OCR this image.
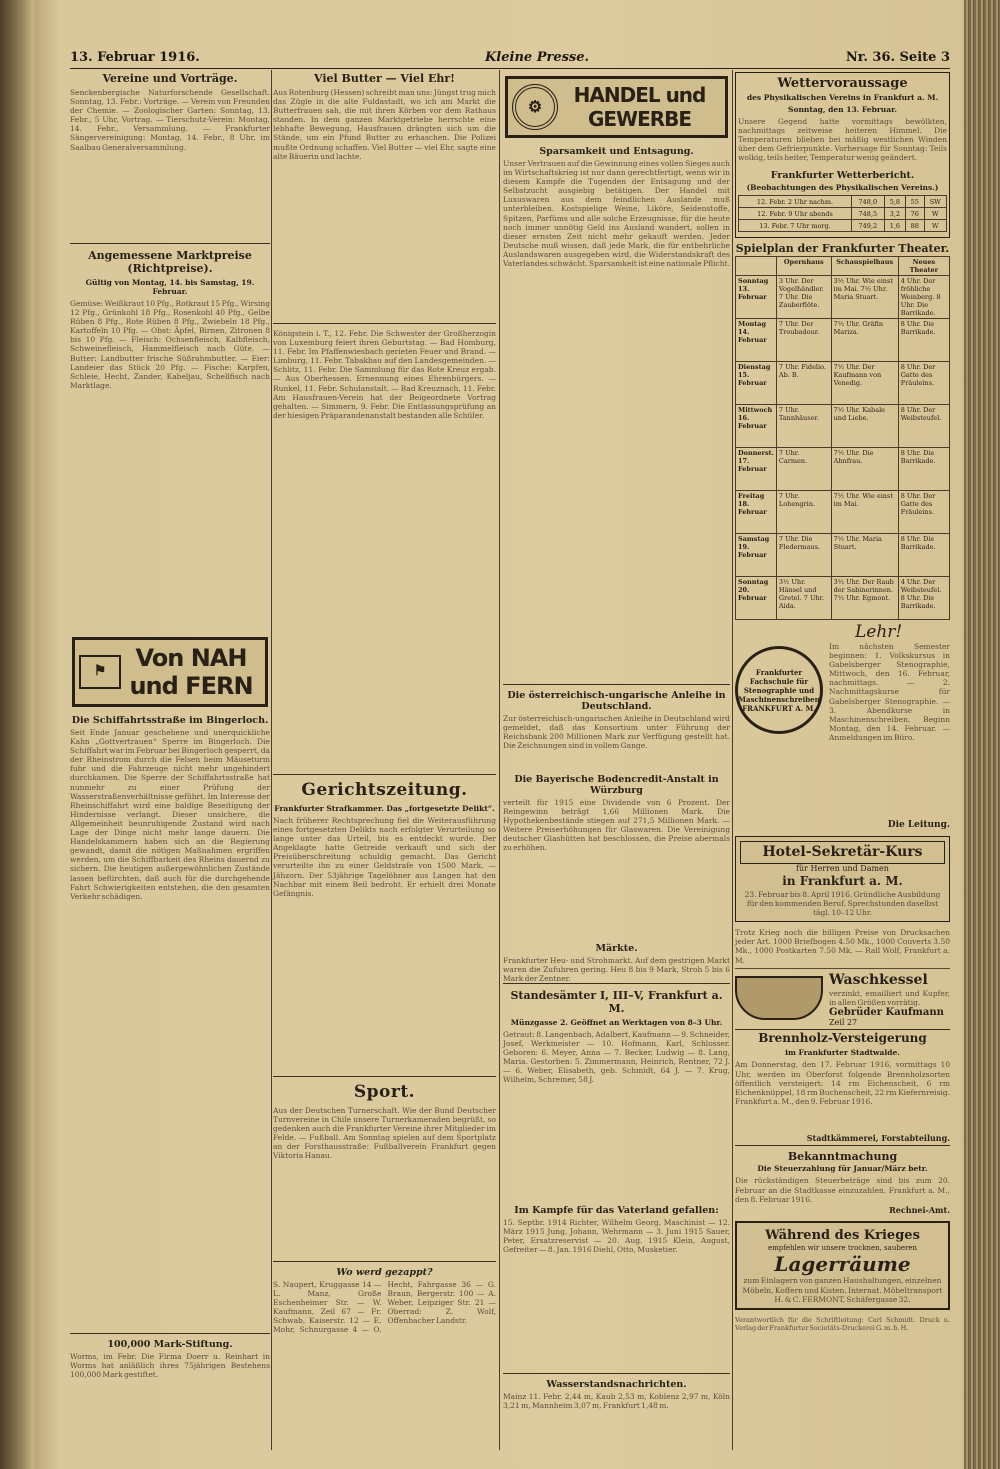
13. Februar 1916.	Kleine Presse.	Nr. 36. Seite 3
Vereine und Vorträge.

Senckenbergische Naturforschende Gesellschaft. Sonntag, 13. Febr.: Vorträge. — Verein von Freunden der Chemie. — Zoologischer Garten: Sonntag, 13. Febr., 5 Uhr, Vortrag. — Tierschutz-Verein: Montag, 14. Febr., Versammlung. — Frankfurter Sängervereinigung: Montag, 14. Febr., 8 Uhr, im Saalbau Generalversammlung.

Angemessene Marktpreise (Richtpreise).
Gültig von Montag, 14. bis Samstag, 19. Februar.

Gemüse: Weißkraut 10 Pfg., Rotkraut 15 Pfg., Wirsing 12 Pfg., Grünkohl 18 Pfg., Rosenkohl 40 Pfg., Gelbe Rüben 8 Pfg., Rote Rüben 8 Pfg., Zwiebeln 18 Pfg., Kartoffeln 10 Pfg. — Obst: Äpfel, Birnen, Zitronen 8 bis 10 Pfg. — Fleisch: Ochsenfleisch, Kalbfleisch, Schweinefleisch, Hammelfleisch nach Güte. — Butter: Landbutter frische Süßrahmbutter. — Eier: Landeier das Stück 20 Pfg. — Fische: Karpfen, Schleie, Hecht, Zander, Kabeljau, Schellfisch nach Marktlage.

⚑	Von NAH und FERN
Die Schiffahrtsstraße im Bingerloch.

Seit Ende Januar geschehene und unerquickliche Kahn „Gottvertrauen“ Sperre im Bingerloch. Die Schiffahrt war im Februar bei Bingerloch gesperrt, da der Rheinstrom durch die Felsen beim Mäuseturm fuhr und die Fahrzeuge nicht mehr ungehindert durchkamen. Die Sperre der Schiffahrtsstraße hat nunmehr zu einer Prüfung der Wasserstraßenverhältnisse geführt. Im Interesse der Rheinschiffahrt wird eine baldige Beseitigung der Hindernisse verlangt. Dieser unsichere, die Allgemeinheit beunruhigende Zustand wird nach Lage der Dinge nicht mehr lange dauern. Die Handelskammern haben sich an die Regierung gewandt, damit die nötigen Maßnahmen ergriffen werden, um die Schiffbarkeit des Rheins dauernd zu sichern. Die heutigen außergewöhnlichen Zustände lassen befürchten, daß auch für die durchgehende Fahrt Schwierigkeiten entstehen, die den gesamten Verkehr schädigen.

100,000 Mark-Stiftung.

Worms, im Febr. Die Firma Doerr u. Reinhart in Worms hat anläßlich ihres 75jährigen Bestehens 100,000 Mark gestiftet.

Viel Butter — Viel Ehr!

Aus Rotenburg (Hessen) schreibt man uns: Jüngst trug mich das Zügle in die alte Fuldastadt, wo ich am Markt die Butterfrauen sah, die mit ihren Körben vor dem Rathaus standen. In dem ganzen Marktgetriebe herrschte eine lebhafte Bewegung, Hausfrauen drängten sich um die Stände, um ein Pfund Butter zu erhaschen. Die Polizei mußte Ordnung schaffen. Viel Butter — viel Ehr, sagte eine alte Bäuerin und lachte.

Königstein i. T., 12. Febr. Die Schwester der Großherzogin von Luxemburg feiert ihren Geburtstag. — Bad Homburg, 11. Febr. Im Pfaffenwiesbach gerieten Feuer und Brand. — Limburg, 11. Febr. Tabakbau auf den Landesgemeinden. — Schlitz, 11. Febr. Die Sammlung für das Rote Kreuz ergab. — Aus Oberhessen. Ernennung eines Ehrenbürgers. — Runkel, 11. Febr. Schulanstalt. — Bad Kreuznach, 11. Febr. Am Hausfrauen-Verein hat der Beigeordnete Vortrag gehalten. — Simmern, 9. Febr. Die Entlassungsprüfung an der hiesigen Präparandenanstalt bestanden alle Schüler.

Gerichtszeitung.
Frankfurter Strafkammer. Das „fortgesetzte Delikt“.

Nach früherer Rechtsprechung fiel die Weiterausführung eines fortgesetzten Delikts nach erfolgter Verurteilung so lange unter das Urteil, bis es entdeckt wurde. Der Angeklagte hatte Getreide verkauft und sich der Preisüberschreitung schuldig gemacht. Das Gericht verurteilte ihn zu einer Geldstrafe von 1500 Mark. — Jähzorn. Der 53jährige Tagelöhner aus Langen hat den Nachbar mit einem Beil bedroht. Er erhielt drei Monate Gefängnis.

Sport.

Aus der Deutschen Turnerschaft. Wie der Bund Deutscher Turnvereine in Chile unsere Turnerkameraden begrüßt, so gedenken auch die Frankfurter Vereine ihrer Mitglieder im Felde. — Fußball. Am Sonntag spielen auf dem Sportplatz an der Forsthausstraße: Fußballverein Frankfurt gegen Viktoria Hanau.

Wo werd gezappt?

S. Naupert, Kruggasse 14 — L. Manz, Große Eschenheimer Str. — W. Kaufmann, Zeil 67 — Fr. Schwab, Kaiserstr. 12 — E. Mohr, Schnurgasse 4 — O. Hecht, Fahrgasse 36 — G. Braun, Bergerstr. 100 — A. Weber, Leipziger Str. 21 — Oberrad: Z. Wolf, Offenbacher Landstr.

⚙	HANDEL und GEWERBE
Sparsamkeit und Entsagung.

Unser Vertrauen auf die Gewinnung eines vollen Sieges auch im Wirtschaftskrieg ist nur dann gerechtfertigt, wenn wir in diesem Kampfe die Tugenden der Entsagung und der Selbstzucht ausgiebig betätigen. Der Handel mit Luxuswaren aus dem feindlichen Auslande muß unterbleiben. Kostspielige Weine, Liköre, Seidenstoffe, Spitzen, Parfüms und alle solche Erzeugnisse, für die heute noch immer unnötig Geld ins Ausland wandert, sollen in dieser ernsten Zeit nicht mehr gekauft werden. Jeder Deutsche muß wissen, daß jede Mark, die für entbehrliche Auslandswaren ausgegeben wird, die Widerstandskraft des Vaterlandes schwächt. Sparsamkeit ist eine nationale Pflicht.

Die österreichisch-ungarische Anleihe in Deutschland.

Zur österreichisch-ungarischen Anleihe in Deutschland wird gemeldet, daß das Konsortium unter Führung der Reichsbank 200 Millionen Mark zur Verfügung gestellt hat. Die Zeichnungen sind in vollem Gange.

Die Bayerische Bodencredit-Anstalt in Würzburg

verteilt für 1915 eine Dividende von 6 Prozent. Der Reingewinn beträgt 1,66 Millionen Mark. Die Hypothekenbestände stiegen auf 271,5 Millionen Mark. — Weitere Preiserhöhungen für Glaswaren. Die Vereinigung deutscher Glashütten hat beschlossen, die Preise abermals zu erhöhen.

Märkte.

Frankfurter Heu- und Strohmarkt. Auf dem gestrigen Markt waren die Zufuhren gering. Heu 8 bis 9 Mark, Stroh 5 bis 6 Mark der Zentner.

Standesämter I, III–V, Frankfurt a. M.
Münzgasse 2. Geöffnet an Werktagen von 8–3 Uhr.

Getraut: 8. Langenbach, Adalbert, Kaufmann — 9. Schneider, Josef, Werkmeister — 10. Hofmann, Karl, Schlosser. Geboren: 6. Meyer, Anna — 7. Becker, Ludwig — 8. Lang, Maria. Gestorben: 5. Zimmermann, Heinrich, Rentner, 72 J. — 6. Weber, Elisabeth, geb. Schmidt, 64 J. — 7. Krug, Wilhelm, Schreiner, 58 J.

Im Kampfe für das Vaterland gefallen:

15. Septbr. 1914 Richter, Wilhelm Georg, Maschinist — 12. März 1915 Jung, Johann, Wehrmann — 3. Juni 1915 Sauer, Peter, Ersatzreservist — 20. Aug. 1915 Klein, August, Gefreiter — 8. Jan. 1916 Diehl, Otto, Musketier.

Wasserstandsnachrichten.

Mainz 11. Febr. 2,44 m, Kaub 2,53 m, Koblenz 2,97 m, Köln 3,21 m, Mannheim 3,07 m, Frankfurt 1,48 m.

Wettervoraussage
des Physikalischen Vereins in Frankfurt a. M.
Sonntag, den 13. Februar.

Unsere Gegend hatte vormittags bewölkten, nachmittags zeitweise heiteren Himmel. Die Temperaturen blieben bei mäßig westlichen Winden über dem Gefrierpunkte. Vorhersage für Sonntag: Teils wolkig, teils heiter, Temperatur wenig geändert.

Frankfurter Wetterbericht.
(Beobachtungen des Physikalischen Vereins.)
12. Febr. 2 Uhr nachm.	748,0	5,8	55	SW
12. Febr. 9 Uhr abends	748,5	3,2	76	W
13. Febr. 7 Uhr morg.	749,2	1,6	88	W
Spielplan der Frankfurter Theater.
	Opernhaus	Schauspielhaus	Neues Theater
Sonntag 13. Februar	3 Uhr. Der Vogelhändler. 7 Uhr. Die Zauberflöte.	3½ Uhr. Wie einst im Mai. 7½ Uhr. Maria Stuart.	4 Uhr. Der fröhliche Weinberg. 8 Uhr. Die Barrikade.
Montag 14. Februar	7 Uhr. Der Troubadour.	7½ Uhr. Gräfin Mariza.	8 Uhr. Die Barrikade.
Dienstag 15. Februar	7 Uhr. Fidelio. Ab. B.	7½ Uhr. Der Kaufmann von Venedig.	8 Uhr. Der Gatte des Fräuleins.
Mittwoch 16. Februar	7 Uhr. Tannhäuser.	7½ Uhr. Kabale und Liebe.	8 Uhr. Der Weibsteufel.
Donnerst. 17. Februar	7 Uhr. Carmen.	7½ Uhr. Die Ahnfrau.	8 Uhr. Die Barrikade.
Freitag 18. Februar	7 Uhr. Lohengrin.	7½ Uhr. Wie einst im Mai.	8 Uhr. Der Gatte des Fräuleins.
Samstag 19. Februar	7 Uhr. Die Fledermaus.	7½ Uhr. Maria Stuart.	8 Uhr. Die Barrikade.
Sonntag 20. Februar	3½ Uhr. Hänsel und Gretel. 7 Uhr. Aida.	3½ Uhr. Der Raub der Sabinerinnen. 7½ Uhr. Egmont.	4 Uhr. Der Weibsteufel. 8 Uhr. Die Barrikade.
Lehr!
Frankfurter Fachschule für Stenographie und Maschinenschreiben FRANKFURT A. M.

Im nächsten Semester beginnen: 1. Volkskursus in Gabelsberger Stenographie, Mittwoch, den 16. Februar, nachmittags. — 2. Nachmittagskurse für Gabelsberger Stenographie. — 3. Abendkurse in Maschinenschreiben, Beginn Montag, den 14. Februar. — Anmeldungen im Büro.

Die Leitung.
Hotel-Sekretär-Kurs
für Herren und Damen
in Frankfurt a. M.

23. Februar bis 8. April 1916. Gründliche Ausbildung für den kommenden Beruf. Sprechstunden daselbst tägl. 10–12 Uhr.

Trotz Krieg noch die billigen Preise von Drucksachen jeder Art. 1000 Briefbogen 4.50 Mk., 1000 Couverts 3.50 Mk., 1000 Postkarten 7.50 Mk. — Rall Wolf, Frankfurt a. M.

Waschkessel

verzinkt, emailliert und Kupfer, in allen Größen vorrätig.

Gebrüder Kaufmann
Zeil 27
Brennholz-Versteigerung
im Frankfurter Stadtwalde.

Am Donnerstag, den 17. Februar 1916, vormittags 10 Uhr, werden im Oberforst folgende Brennholzsorten öffentlich versteigert: 14 rm Eichenscheit, 6 rm Eichenknüppel, 18 rm Buchenscheit, 22 rm Kiefernreisig. Frankfurt a. M., den 9. Februar 1916.

Stadtkämmerei, Forstabteilung.
Bekanntmachung
Die Steuerzahlung für Januar/März betr.

Die rückständigen Steuerbeträge sind bis zum 20. Februar an die Stadtkasse einzuzahlen. Frankfurt a. M., den 8. Februar 1916.

Rechnei-Amt.
Während des Krieges
empfehlen wir unsere trocknen, sauberen
Lagerräume

zum Einlagern von ganzen Haushaltungen, einzelnen Möbeln, Koffern und Kisten. Internat. Möbeltransport H. & C. FERMONT, Schäfergasse 32.

Verantwortlich für die Schriftleitung: Carl Schmidt. Druck u. Verlag der Frankfurter Societäts-Druckerei G. m. b. H.
